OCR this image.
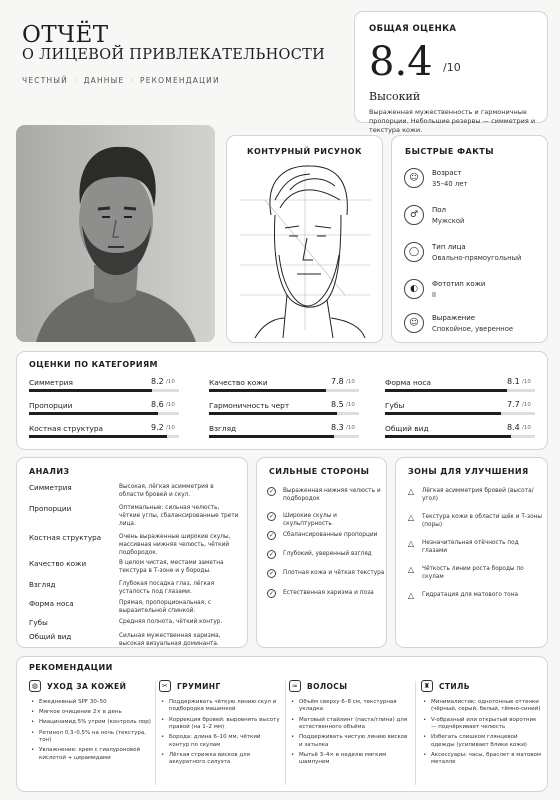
ОТЧЁТ
О ЛИЦЕВОЙ ПРИВЛЕКАТЕЛЬНОСТИ
ЧЕСТНЫЙ · ДАННЫЕ · РЕКОМЕНДАЦИИ
ОБЩАЯ ОЦЕНКА
8.4 /10
Высокий
Выраженная мужественность и гармоничные пропорции. Небольшие резервы — симметрия и текстура кожи.
КОНТУРНЫЙ РИСУНОК	БЫСТРЫЕ ФАКТЫ
☺	Возраст
35–40 лет
♂	Пол
Мужской
◯	Тип лица
Овально-прямоугольный
◐	Фототип кожи
II
☺	Выражение
Спокойное, уверенное
ОЦЕНКИ ПО КАТЕГОРИЯМ
Симметрия	8.2 /10
Пропорции	8.6 /10
Костная структура	9.2 /10
Качество кожи	7.8 /10
Гармоничность черт	8.5 /10
Взгляд	8.3 /10
Форма носа	8.1 /10
Губы	7.7 /10
Общий вид	8.4 /10
АНАЛИЗ
Симметрия	Высокая, лёгкая асимметрия в области бровей и скул.
Пропорции	Оптимальные: сильная челюсть, чёткие углы, сбалансированные трети лица.
Костная структура	Очень выраженные широкие скулы, массивная нижняя челюсть, чёткий подбородок.
Качество кожи	В целом чистая, местами заметна текстура в Т-зоне и у бороды.
Взгляд	Глубокая посадка глаз, лёгкая усталость под глазами.
Форма носа	Прямая, пропорциональная, с выразительной спинкой.
Губы	Средняя полнота, чёткий контур.
Общий вид	Сильная мужественная харизма, высокая визуальная доминанта.
СИЛЬНЫЕ СТОРОНЫ
✓	Выраженная нижняя челюсть и подбородок
✓	Широкие скулы и скульптурность
✓	Сбалансированные пропорции
✓	Глубокий, уверенный взгляд
✓	Плотная кожа и чёткая текстура
✓	Естественная харизма и поза
ЗОНЫ ДЛЯ УЛУЧШЕНИЯ
△	Лёгкая асимметрия бровей (высота/угол)
△	Текстура кожи в области щёк и Т-зоны (поры)
△	Незначительная отёчность под глазами
△	Чёткость линии роста бороды по скулам
△	Гидратация для матового тона
РЕКОМЕНДАЦИИ
◍	УХОД ЗА КОЖЕЙ
• Ежедневный SPF 30–50
• Мягкое очищение 2× в день
• Ниацинамид 5% утром (контроль пор)
• Ретинол 0.3–0.5% на ночь (текстура, тон)
• Увлажнение: крем с гиалуроновой кислотой + церамидами
✂	ГРУМИНГ
• Поддерживать чёткую линию скул и подбородка машинкой
• Коррекция бровей: выровнять высоту правой (на 1–2 мм)
• Борода: длина 6–10 мм, чёткий контур по скулам
• Лёгкая стрижка висков для аккуратного силуэта
≈	ВОЛОСЫ
• Объём сверху 6–8 см, текстурная укладка
• Матовый стайлинг (паста/глина) для естественного объёма
• Поддерживать чистую линию висков и затылка
• Мытьё 3–4× в неделю мягким шампунем
♜	СТИЛЬ
• Минималистик: однотонные оттенки (чёрный, серый, белый, тёмно-синий)
• V-образный или открытый воротник — подчёркивает челюсть
• Избегать слишком глянцевой одежды (усиливает блики кожи)
• Аксессуары: часы, браслет в матовом металле
